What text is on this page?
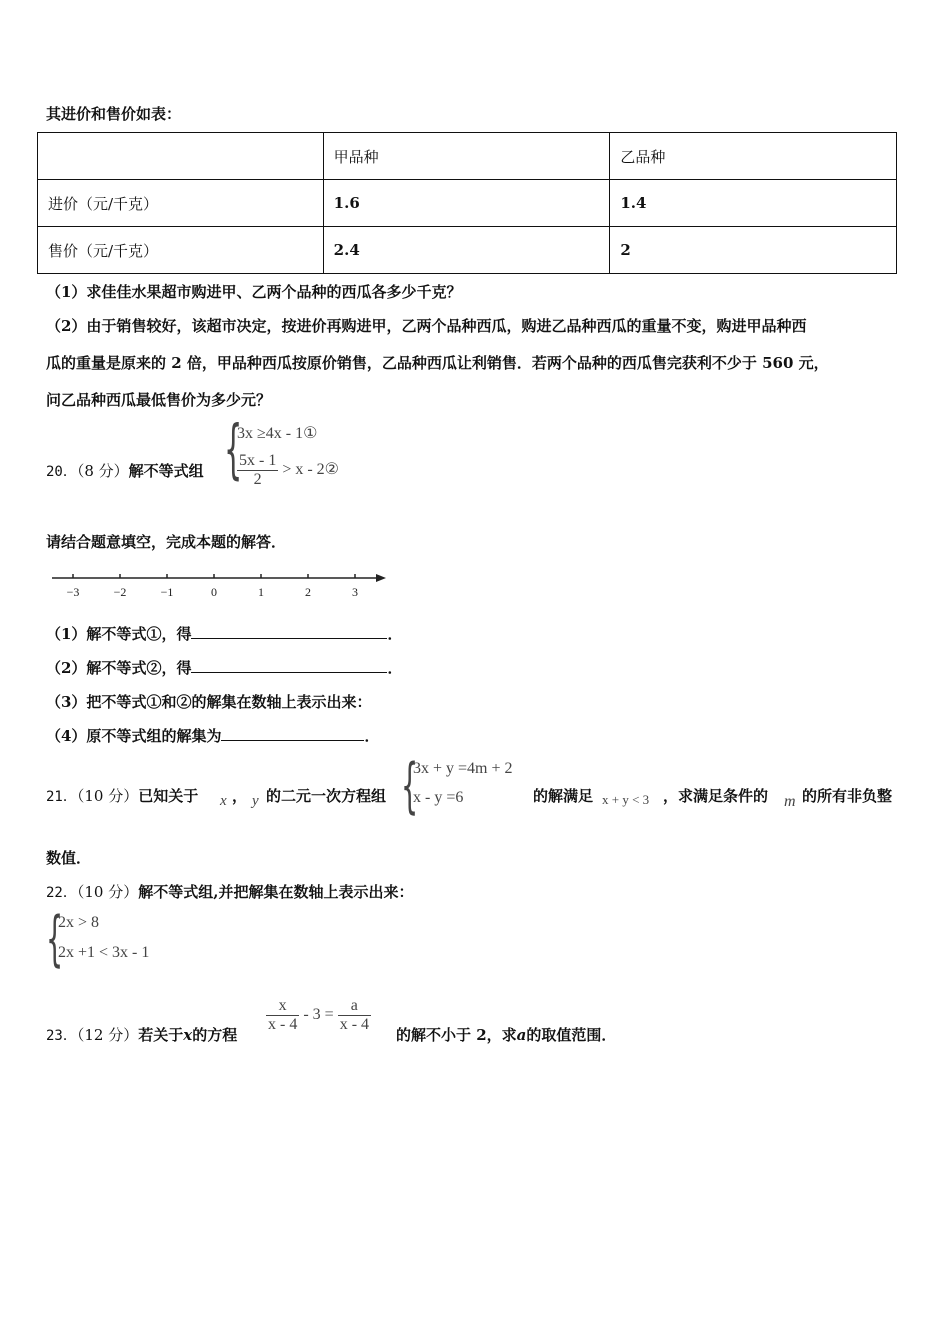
其进价和售价如表：
	甲品种	乙品种
进价（元/千克）	1.6	1.4
售价（元/千克）	2.4	2
（1）求佳佳水果超市购进甲、乙两个品种的西瓜各多少千克？
（2）由于销售较好，该超市决定，按进价再购进甲，乙两个品种西瓜，购进乙品种西瓜的重量不变，购进甲品种西
瓜的重量是原来的 2 倍，甲品种西瓜按原价销售，乙品种西瓜让利销售．若两个品种的西瓜售完获利不少于 560 元，
问乙品种西瓜最低售价为多少元？
20．（8 分）解不等式组 {
3x ≥4x - 1①
$\frac{5x - 1}{2} > x$ - 2②
请结合题意填空，完成本题的解答．
−3	−2	−1	0	1	2	3
（1）解不等式①，得	．
（2）解不等式②，得	．
（3）把不等式①和②的解集在数轴上表示出来：
（4）原不等式组的解集为	．
21．（10 分）已知关于 x ， y 的二元一次方程组 {
3x + y =4m + 2
x - y =6	的解满足 x + y < 3 ，求满足条件的 m 的所有非负整
数值．
22．（10 分）解不等式组,并把解集在数轴上表示出来：
{
2x > 8
2x +1 < 3x - 1
23．（12 分）若关于x的方程
$\frac{x}{x - 4} - 3 = \frac{a}{x - 4}$
的解不小于 2，求a的取值范围．
